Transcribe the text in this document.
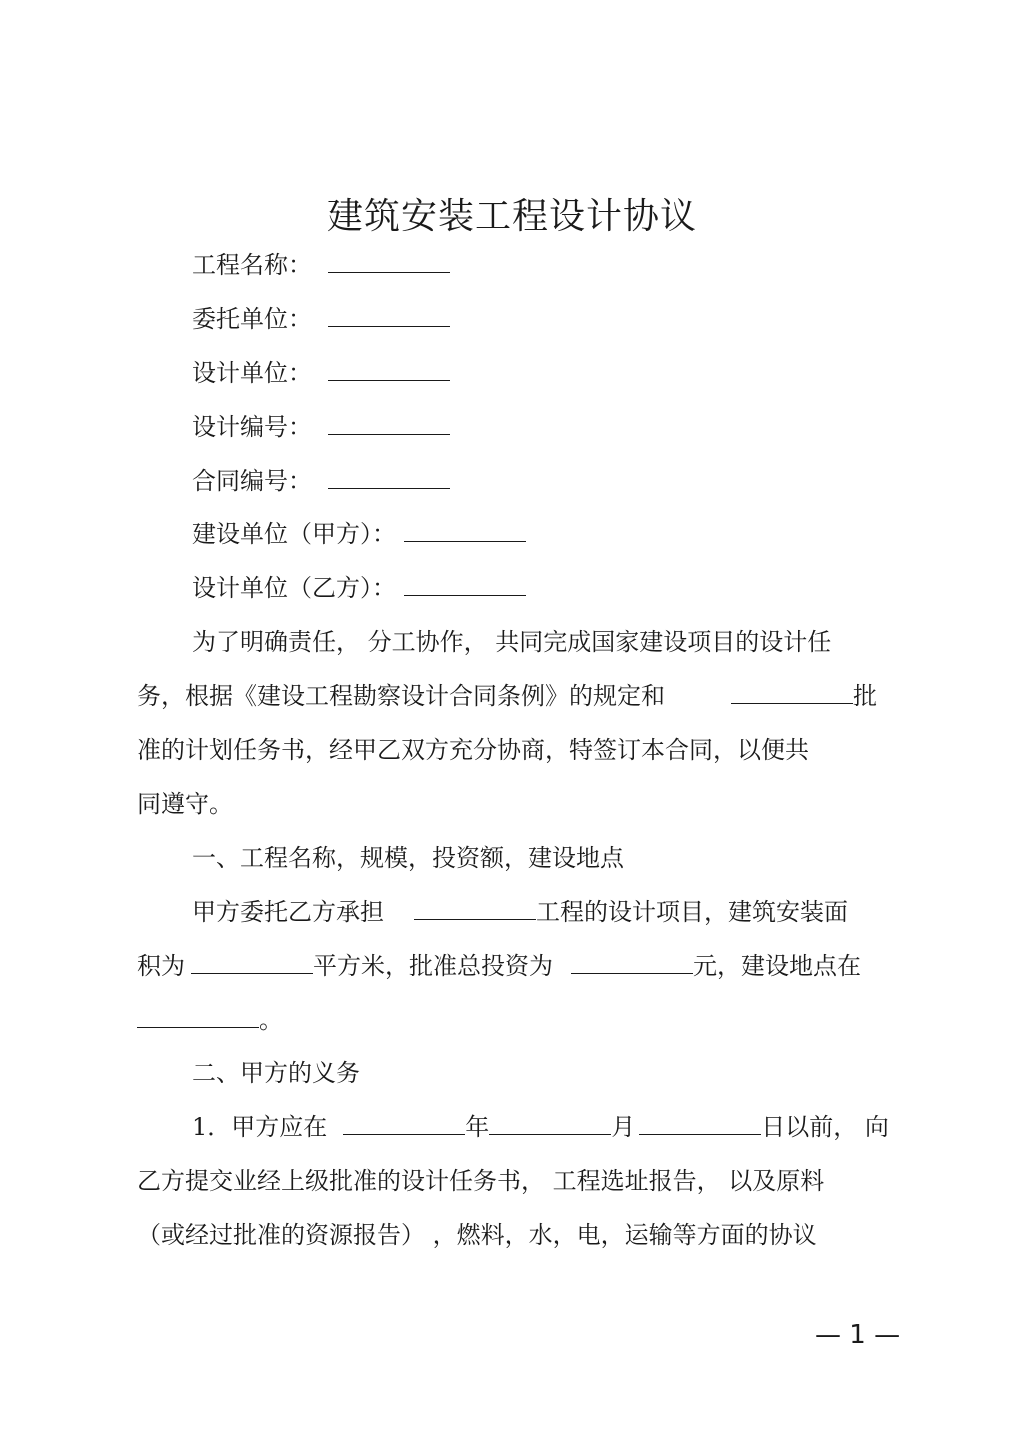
建筑安装工程设计协议
工程名称：
委托单位：
设计单位：
设计编号：
合同编号：
建设单位（甲方）：
设计单位（乙方）：
为了明确责任， 分工协作， 共同完成国家建设项目的设计任
务，根据《建设工程勘察设计合同条例》的规定和	批
准的计划任务书，经甲乙双方充分协商，特签订本合同，以便共
同遵守。
一、工程名称，规模，投资额，建设地点
甲方委托乙方承担	工程的设计项目，建筑安装面
积为	平方米，批准总投资为	元，建设地点在
。
二、甲方的义务
1．甲方应在	年	月	日以前， 向
乙方提交业经上级批准的设计任务书， 工程选址报告， 以及原料
（或经过批准的资源报告） ，燃料，水，电，运输等方面的协议
— 1 —
